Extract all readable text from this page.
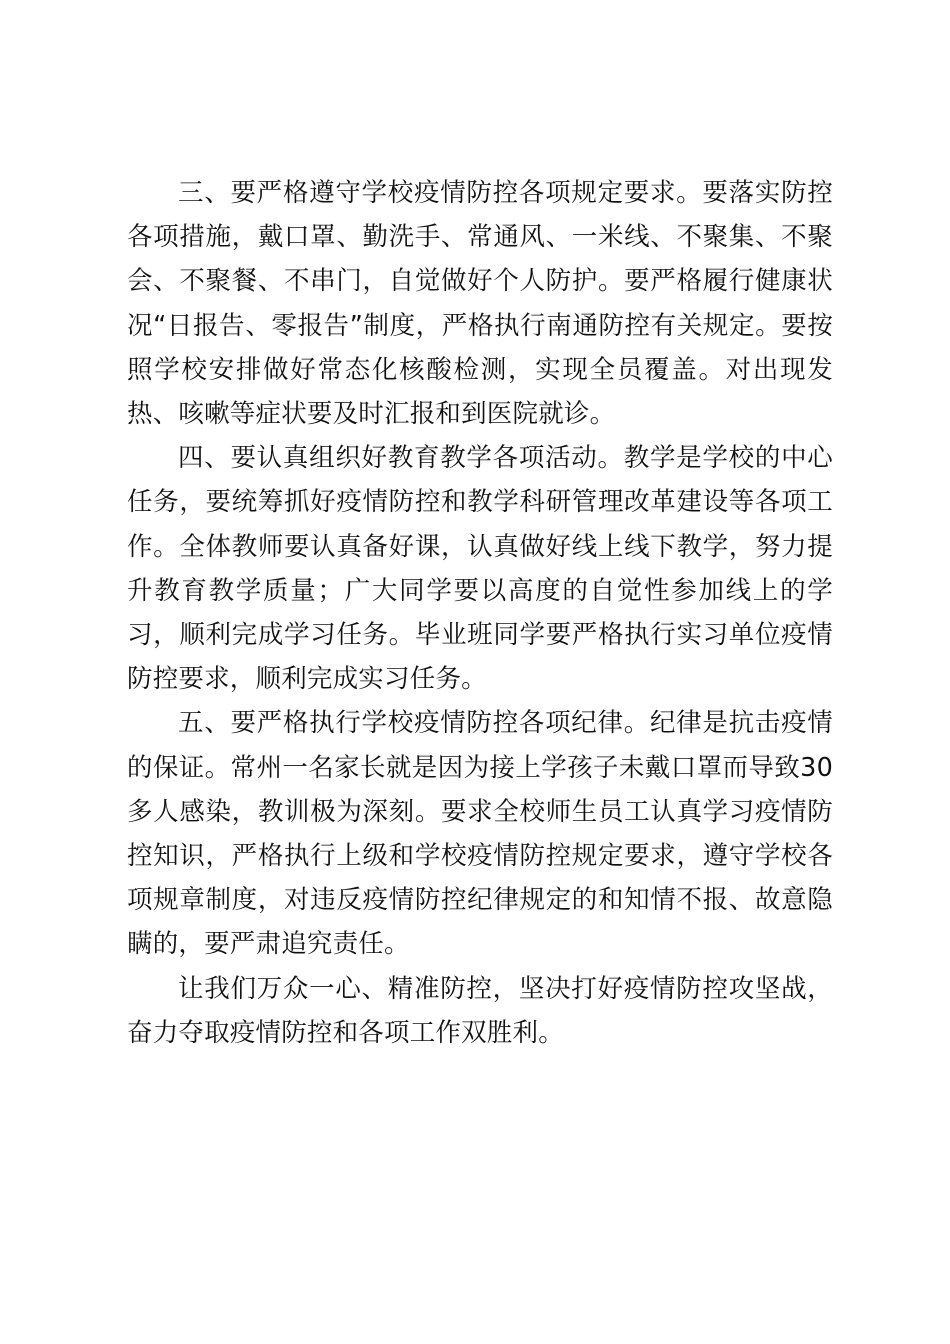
三、要严格遵守学校疫情防控各项规定要求。要落实防控各项措施，戴口罩、勤洗手、常通风、一米线、不聚集、不聚会、不聚餐、不串门，自觉做好个人防护。要严格履行健康状况“日报告、零报告”制度，严格执行南通防控有关规定。要按照学校安排做好常态化核酸检测，实现全员覆盖。对出现发热、咳嗽等症状要及时汇报和到医院就诊。

四、要认真组织好教育教学各项活动。教学是学校的中心任务，要统筹抓好疫情防控和教学科研管理改革建设等各项工作。全体教师要认真备好课，认真做好线上线下教学，努力提升教育教学质量；广大同学要以高度的自觉性参加线上的学习，顺利完成学习任务。毕业班同学要严格执行实习单位疫情防控要求，顺利完成实习任务。

五、要严格执行学校疫情防控各项纪律。纪律是抗击疫情的保证。常州一名家长就是因为接上学孩子未戴口罩而导致30多人感染，教训极为深刻。要求全校师生员工认真学习疫情防控知识，严格执行上级和学校疫情防控规定要求，遵守学校各项规章制度，对违反疫情防控纪律规定的和知情不报、故意隐瞒的，要严肃追究责任。

让我们万众一心、精准防控，坚决打好疫情防控攻坚战，奋力夺取疫情防控和各项工作双胜利。
